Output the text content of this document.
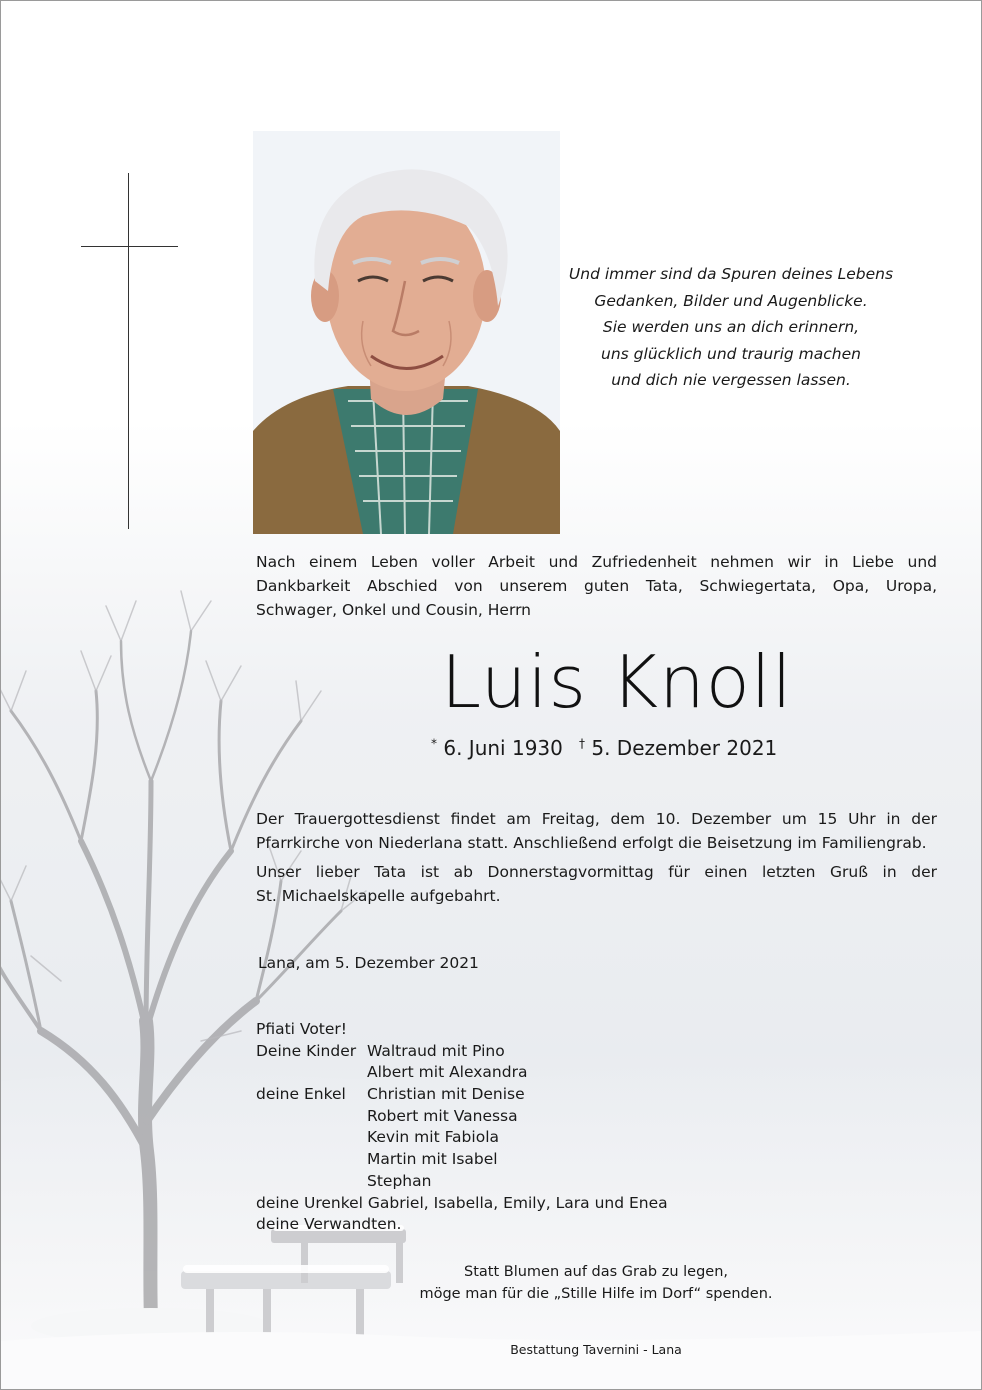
Und immer sind da Spuren deines Lebens
Gedanken, Bilder und Augenblicke.
Sie werden uns an dich erinnern,
uns glücklich und traurig machen
und dich nie vergessen lassen.
Nach einem Leben voller Arbeit und Zufriedenheit nehmen wir in Liebe und
Dankbarkeit Abschied von unserem guten Tata, Schwiegertata, Opa, Uropa,
Schwager, Onkel und Cousin, Herrn
Luis Knoll
* 6. Juni 1930 † 5. Dezember 2021
Der Trauergottesdienst findet am Freitag, dem 10. Dezember um 15 Uhr in der
Pfarrkirche von Niederlana statt. Anschließend erfolgt die Beisetzung im Familiengrab.
Unser lieber Tata ist ab Donnerstagvormittag für einen letzten Gruß in der
St. Michaelskapelle aufgebahrt.
Lana, am 5. Dezember 2021
Pfiati Voter!
Deine Kinder Waltraud mit Pino
Albert mit Alexandra
deine Enkel Christian mit Denise
Robert mit Vanessa
Kevin mit Fabiola
Martin mit Isabel
Stephan
deine Urenkel Gabriel, Isabella, Emily, Lara und Enea
deine Verwandten.
Statt Blumen auf das Grab zu legen,
möge man für die „Stille Hilfe im Dorf“ spenden.
Bestattung Tavernini - Lana
